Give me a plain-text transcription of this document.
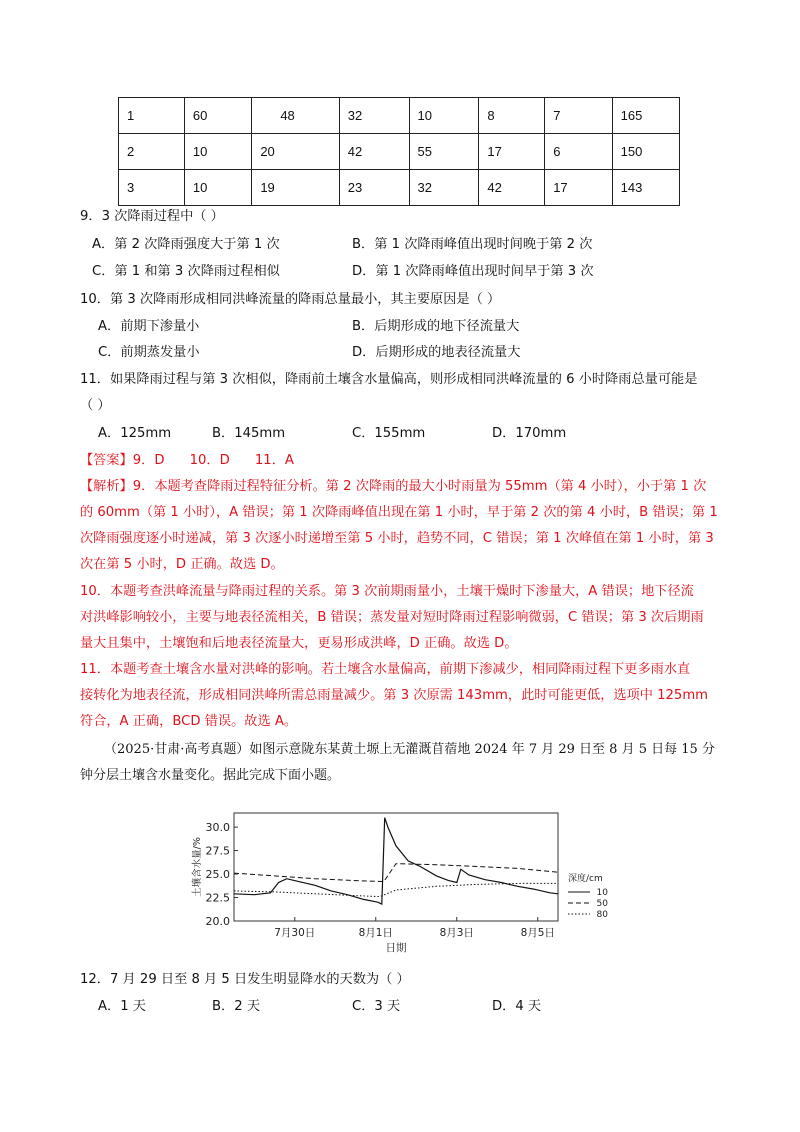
1	60	48	32	10	8	7	165
2	10	20	42	55	17	6	150
3	10	19	23	32	42	17	143
9．3 次降雨过程中（ ）
A．第 2 次降雨强度大于第 1 次	B．第 1 次降雨峰值出现时间晚于第 2 次
C．第 1 和第 3 次降雨过程相似	D．第 1 次降雨峰值出现时间早于第 3 次
10．第 3 次降雨形成相同洪峰流量的降雨总量最小，其主要原因是（ ）
A．前期下渗量小	B．后期形成的地下径流量大
C．前期蒸发量小	D．后期形成的地表径流量大
11．如果降雨过程与第 3 次相似，降雨前土壤含水量偏高，则形成相同洪峰流量的 6 小时降雨总量可能是
（ ）
A．125mm	B．145mm	C．155mm	D．170mm
【答案】9．D      10．D      11．A
【解析】9．本题考查降雨过程特征分析。第 2 次降雨的最大小时雨量为 55mm（第 4 小时），小于第 1 次
的 60mm（第 1 小时），A 错误；第 1 次降雨峰值出现在第 1 小时，早于第 2 次的第 4 小时，B 错误；第 1
次降雨强度逐小时递减，第 3 次逐小时递增至第 5 小时，趋势不同，C 错误；第 1 次峰值在第 1 小时，第 3
次在第 5 小时，D 正确。故选 D。
10．本题考查洪峰流量与降雨过程的关系。第 3 次前期雨量小，土壤干燥时下渗量大，A 错误；地下径流
对洪峰影响较小，主要与地表径流相关，B 错误；蒸发量对短时降雨过程影响微弱，C 错误；第 3 次后期雨
量大且集中，土壤饱和后地表径流量大，更易形成洪峰，D 正确。故选 D。
11．本题考查土壤含水量对洪峰的影响。若土壤含水量偏高，前期下渗减少，相同降雨过程下更多雨水直
接转化为地表径流，形成相同洪峰所需总雨量减少。第 3 次原需 143mm，此时可能更低，选项中 125mm
符合，A 正确，BCD 错误。故选 A。
（2025·甘肃·高考真题）如图示意陇东某黄土塬上无灌溉苜蓿地 2024 年 7 月 29 日至 8 月 5 日每 15 分
钟分层土壤含水量变化。据此完成下面小题。
20.0
22.5
25.0
27.5
30.0
7月30日	8月1日	8月3日	8月5日
日期
土壤含水量/%	深度/cm
10
50
80
12．7 月 29 日至 8 月 5 日发生明显降水的天数为（ ）
A．1 天	B．2 天	C．3 天	D．4 天
